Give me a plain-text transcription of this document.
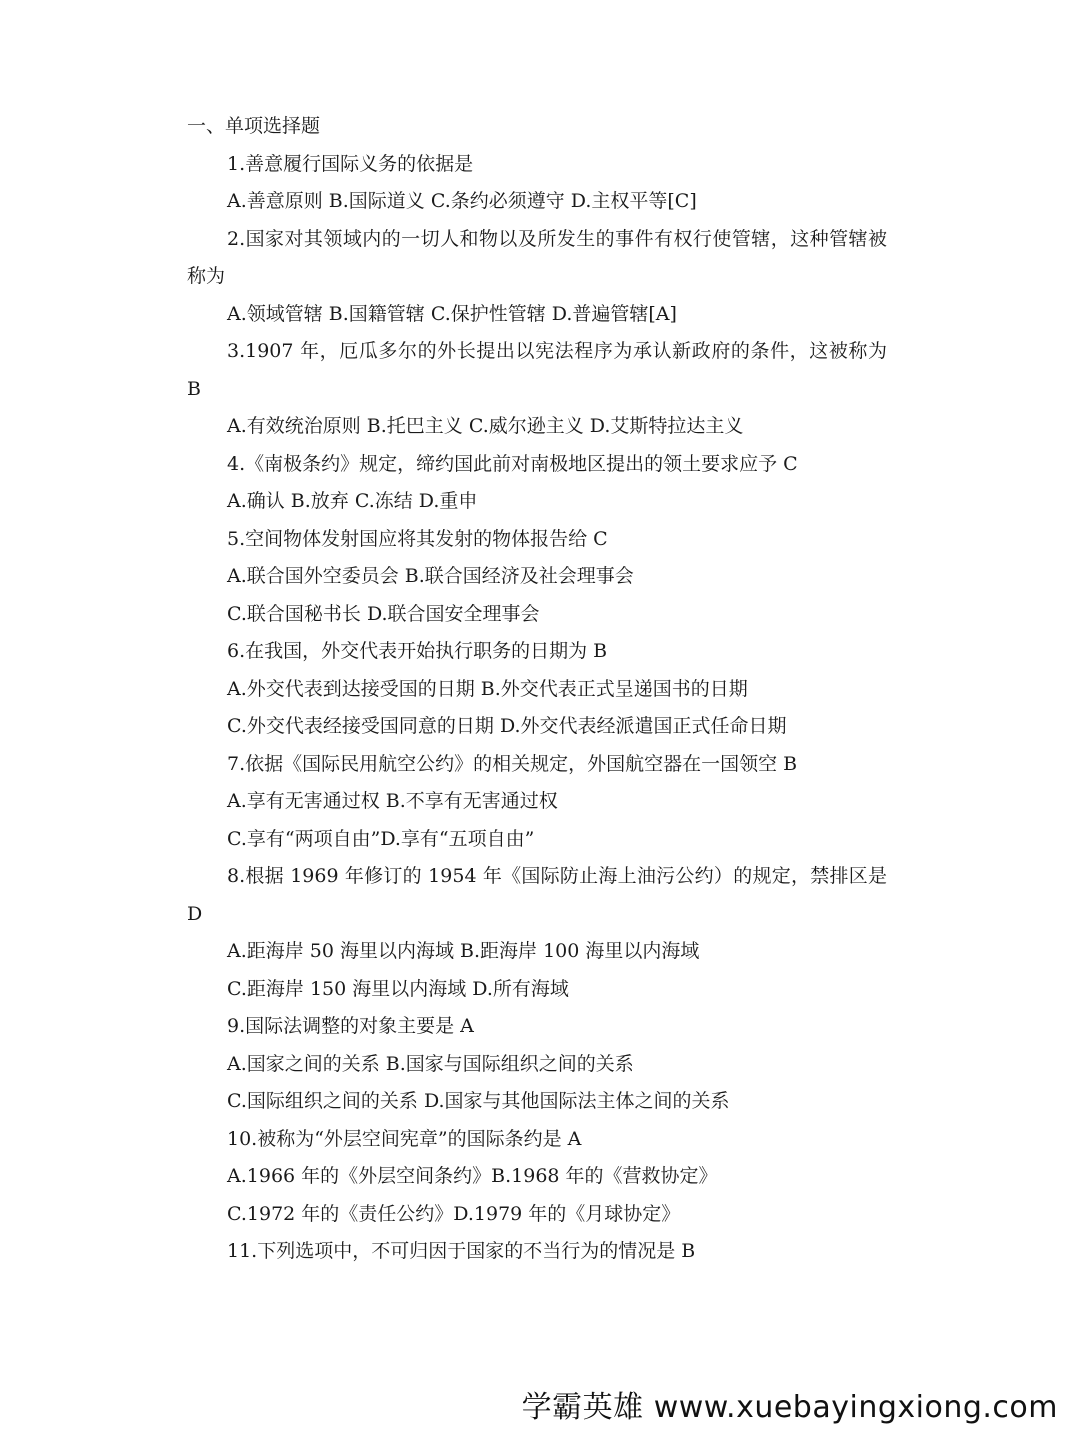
一、单项选择题
1.善意履行国际义务的依据是
A.善意原则 B.国际道义 C.条约必须遵守 D.主权平等[C]
2.国家对其领域内的一切人和物以及所发生的事件有权行使管辖，这种管辖被称为
A.领域管辖 B.国籍管辖 C.保护性管辖 D.普遍管辖[A]
3.1907 年，厄瓜多尔的外长提出以宪法程序为承认新政府的条件，这被称为 B
A.有效统治原则 B.托巴主义 C.威尔逊主义 D.艾斯特拉达主义
4.《南极条约》规定，缔约国此前对南极地区提出的领土要求应予 C
A.确认 B.放弃 C.冻结 D.重申
5.空间物体发射国应将其发射的物体报告给 C
A.联合国外空委员会 B.联合国经济及社会理事会
C.联合国秘书长 D.联合国安全理事会
6.在我国，外交代表开始执行职务的日期为 B
A.外交代表到达接受国的日期 B.外交代表正式呈递国书的日期
C.外交代表经接受国同意的日期 D.外交代表经派遣国正式任命日期
7.依据《国际民用航空公约》的相关规定，外国航空器在一国领空 B
A.享有无害通过权 B.不享有无害通过权
C.享有“两项自由”D.享有“五项自由”
8.根据 1969 年修订的 1954 年《国际防止海上油污公约）的规定，禁排区是 D
A.距海岸 50 海里以内海域 B.距海岸 100 海里以内海域
C.距海岸 150 海里以内海域 D.所有海域
9.国际法调整的对象主要是 A
A.国家之间的关系 B.国家与国际组织之间的关系
C.国际组织之间的关系 D.国家与其他国际法主体之间的关系
10.被称为“外层空间宪章”的国际条约是 A
A.1966 年的《外层空间条约》B.1968 年的《营救协定》
C.1972 年的《责任公约》D.1979 年的《月球协定》
11.下列选项中，不可归因于国家的不当行为的情况是 B
学霸英雄 www.xuebayingxiong.com
